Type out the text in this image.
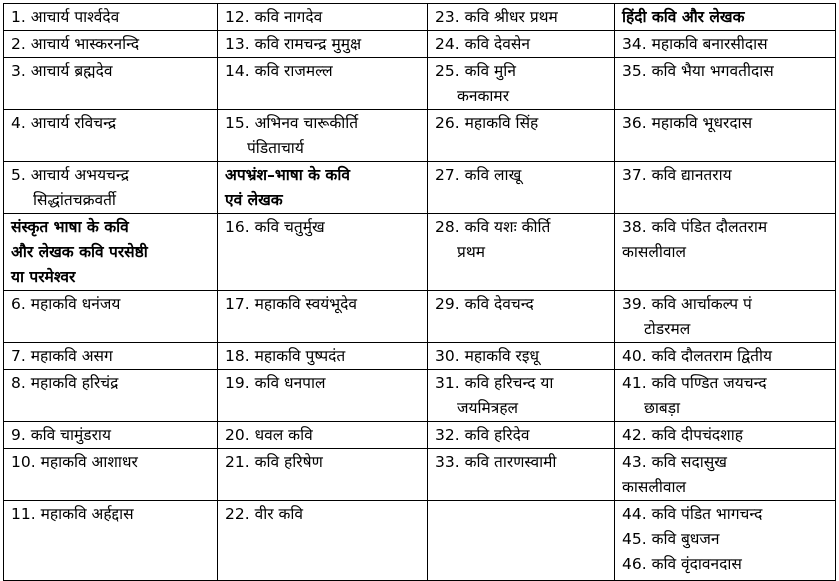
1. आचार्य पार्श्वदेव	12. कवि नागदेव	23. कवि श्रीधर प्रथम	हिंदी कवि और लेखक

2. आचार्य भास्करनन्दि	13. कवि रामचन्द्र मुमुक्ष	24. कवि देवसेन	34. महाकवि बनारसीदास

3. आचार्य ब्रह्मदेव	14. कवि राजमल्ल	25. कवि मुनि
कनकामर	35. कवि भैया भगवतीदास

4. आचार्य रविचन्द्र	15. अभिनव चारूकीर्ति
पंडिताचार्य	26. महाकवि सिंह	36. महाकवि भूधरदास

5. आचार्य अभयचन्द्र
सिद्धांतचक्रवर्ती	अपभ्रंश–भाषा के कवि
एवं लेखक	27. कवि लाखू	37. कवि द्यानतराय

संस्कृत भाषा के कवि
और लेखक कवि परसेष्ठी
या परमेश्वर	16. कवि चतुर्मुख	28. कवि यशः कीर्ति
प्रथम	38. कवि पंडित दौलतराम
कासलीवाल

6. महाकवि धनंजय	17. महाकवि स्वयंभूदेव	29. कवि देवचन्द	39. कवि आर्चाकल्प पं
टोडरमल

7. महाकवि असग	18. महाकवि पुष्पदंत	30. महाकवि रइधू	40. कवि दौलतराम द्वितीय

8. महाकवि हरिचंद्र	19. कवि धनपाल	31. कवि हरिचन्द या
जयमित्रहल	41. कवि पण्डित जयचन्द
छाबड़ा

9. कवि चामुंडराय	20. धवल कवि	32. कवि हरिदेव	42. कवि दीपचंदशाह

10. महाकवि आशाधर	21. कवि हरिषेण	33. कवि तारणस्वामी	43. कवि सदासुख
कासलीवाल

11. महाकवि अर्हद्दास	22. वीर कवि		44. कवि पंडित भागचन्द
45. कवि बुधजन
46. कवि वृंदावनदास
